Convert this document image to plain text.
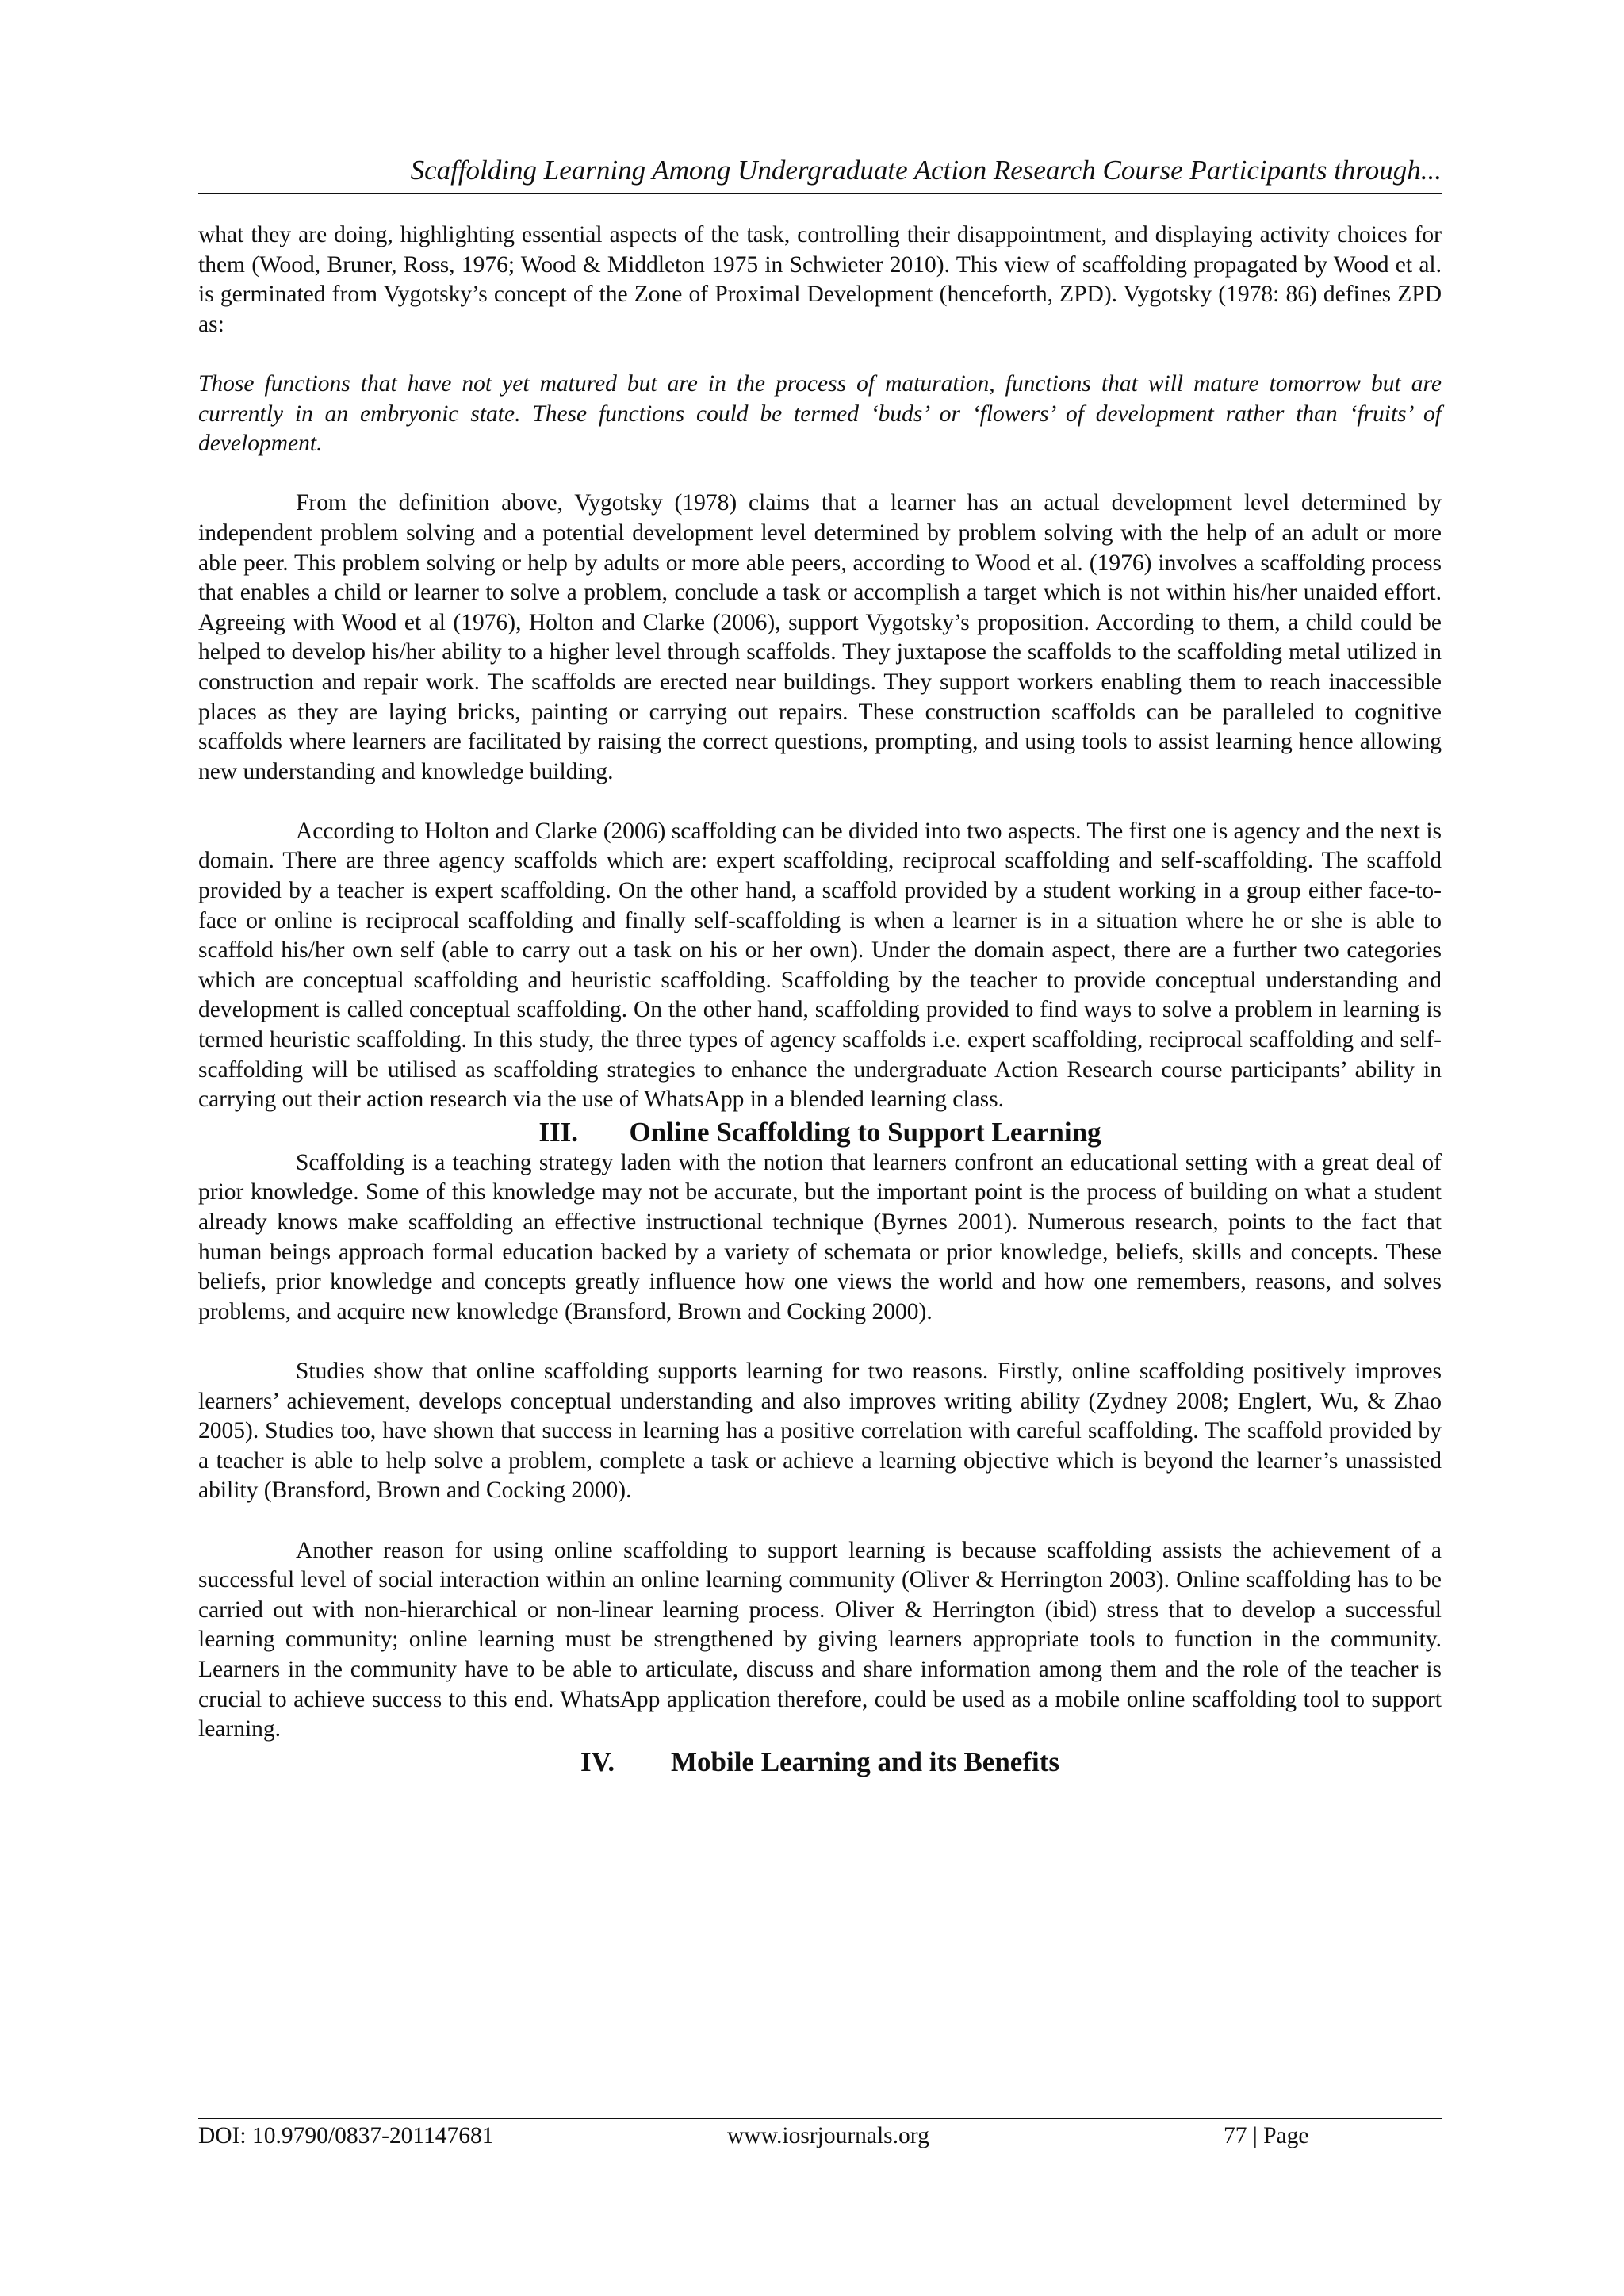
Scaffolding Learning Among Undergraduate Action Research Course Participants through...

what they are doing, highlighting essential aspects of the task, controlling their disappointment, and displaying activity choices for them (Wood, Bruner, Ross, 1976; Wood & Middleton 1975 in Schwieter 2010). This view of scaffolding propagated by Wood et al. is germinated from Vygotsky’s concept of the Zone of Proximal Development (henceforth, ZPD). Vygotsky (1978: 86) defines ZPD as:

Those functions that have not yet matured but are in the process of maturation, functions that will mature tomorrow but are currently in an embryonic state. These functions could be termed ‘buds’ or ‘flowers’ of development rather than ‘fruits’ of development.

From the definition above, Vygotsky (1978) claims that a learner has an actual development level determined by independent problem solving and a potential development level determined by problem solving with the help of an adult or more able peer. This problem solving or help by adults or more able peers, according to Wood et al. (1976) involves a scaffolding process that enables a child or learner to solve a problem, conclude a task or accomplish a target which is not within his/her unaided effort. Agreeing with Wood et al (1976), Holton and Clarke (2006), support Vygotsky’s proposition. According to them, a child could be helped to develop his/her ability to a higher level through scaffolds. They juxtapose the scaffolds to the scaffolding metal utilized in construction and repair work. The scaffolds are erected near buildings. They support workers enabling them to reach inaccessible places as they are laying bricks, painting or carrying out repairs. These construction scaffolds can be paralleled to cognitive scaffolds where learners are facilitated by raising the correct questions, prompting, and using tools to assist learning hence allowing new understanding and knowledge building.

According to Holton and Clarke (2006) scaffolding can be divided into two aspects. The first one is agency and the next is domain. There are three agency scaffolds which are: expert scaffolding, reciprocal scaffolding and self-scaffolding. The scaffold provided by a teacher is expert scaffolding. On the other hand, a scaffold provided by a student working in a group either face-to-face or online is reciprocal scaffolding and finally self-scaffolding is when a learner is in a situation where he or she is able to scaffold his/her own self (able to carry out a task on his or her own). Under the domain aspect, there are a further two categories which are conceptual scaffolding and heuristic scaffolding. Scaffolding by the teacher to provide conceptual understanding and development is called conceptual scaffolding. On the other hand, scaffolding provided to find ways to solve a problem in learning is termed heuristic scaffolding. In this study, the three types of agency scaffolds i.e. expert scaffolding, reciprocal scaffolding and self-scaffolding will be utilised as scaffolding strategies to enhance the undergraduate Action Research course participants’ ability in carrying out their action research via the use of WhatsApp in a blended learning class.

III. Online Scaffolding to Support Learning

Scaffolding is a teaching strategy laden with the notion that learners confront an educational setting with a great deal of prior knowledge. Some of this knowledge may not be accurate, but the important point is the process of building on what a student already knows make scaffolding an effective instructional technique (Byrnes 2001). Numerous research, points to the fact that human beings approach formal education backed by a variety of schemata or prior knowledge, beliefs, skills and concepts. These beliefs, prior knowledge and concepts greatly influence how one views the world and how one remembers, reasons, and solves problems, and acquire new knowledge (Bransford, Brown and Cocking 2000).

Studies show that online scaffolding supports learning for two reasons. Firstly, online scaffolding positively improves learners’ achievement, develops conceptual understanding and also improves writing ability (Zydney 2008; Englert, Wu, & Zhao 2005). Studies too, have shown that success in learning has a positive correlation with careful scaffolding. The scaffold provided by a teacher is able to help solve a problem, complete a task or achieve a learning objective which is beyond the learner’s unassisted ability (Bransford, Brown and Cocking 2000).

Another reason for using online scaffolding to support learning is because scaffolding assists the achievement of a successful level of social interaction within an online learning community (Oliver & Herrington 2003). Online scaffolding has to be carried out with non-hierarchical or non-linear learning process. Oliver & Herrington (ibid) stress that to develop a successful learning community; online learning must be strengthened by giving learners appropriate tools to function in the community. Learners in the community have to be able to articulate, discuss and share information among them and the role of the teacher is crucial to achieve success to this end. WhatsApp application therefore, could be used as a mobile online scaffolding tool to support learning.

IV. Mobile Learning and its Benefits
DOI: 10.9790/0837-201147681	www.iosrjournals.org	77 | Page
